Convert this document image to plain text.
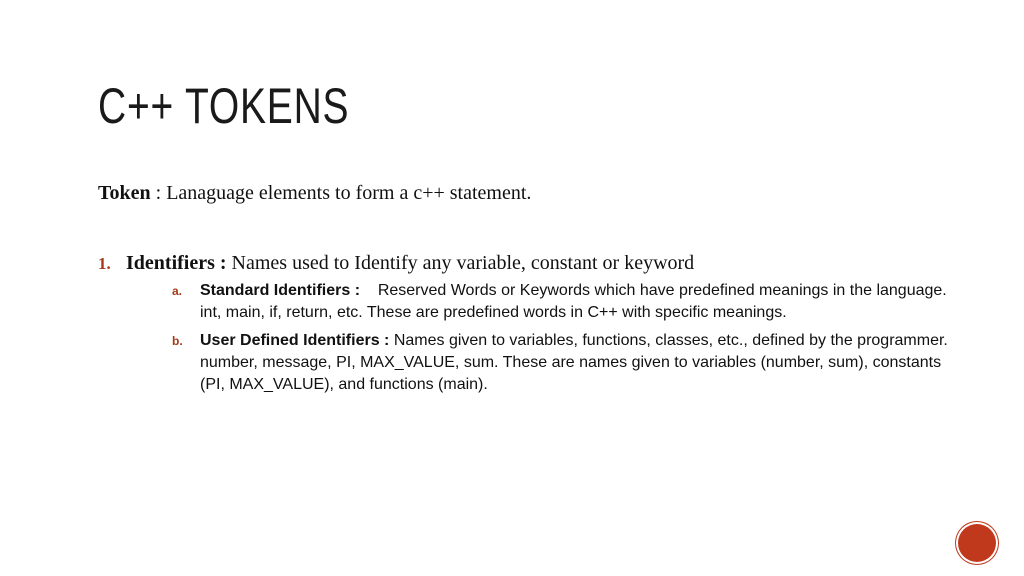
C++ TOKENS
Token : Lanaguage elements to form a c++ statement.
1. Identifiers : Names used to Identify any variable, constant or keyword
a. Standard Identifiers :    Reserved Words or Keywords which have predefined meanings in the language. int, main, if, return, etc. These are predefined words in C++ with specific meanings.
b. User Defined Identifiers : Names given to variables, functions, classes, etc., defined by the programmer. number, message, PI, MAX_VALUE, sum. These are names given to variables (number, sum), constants (PI, MAX_VALUE), and functions (main).
